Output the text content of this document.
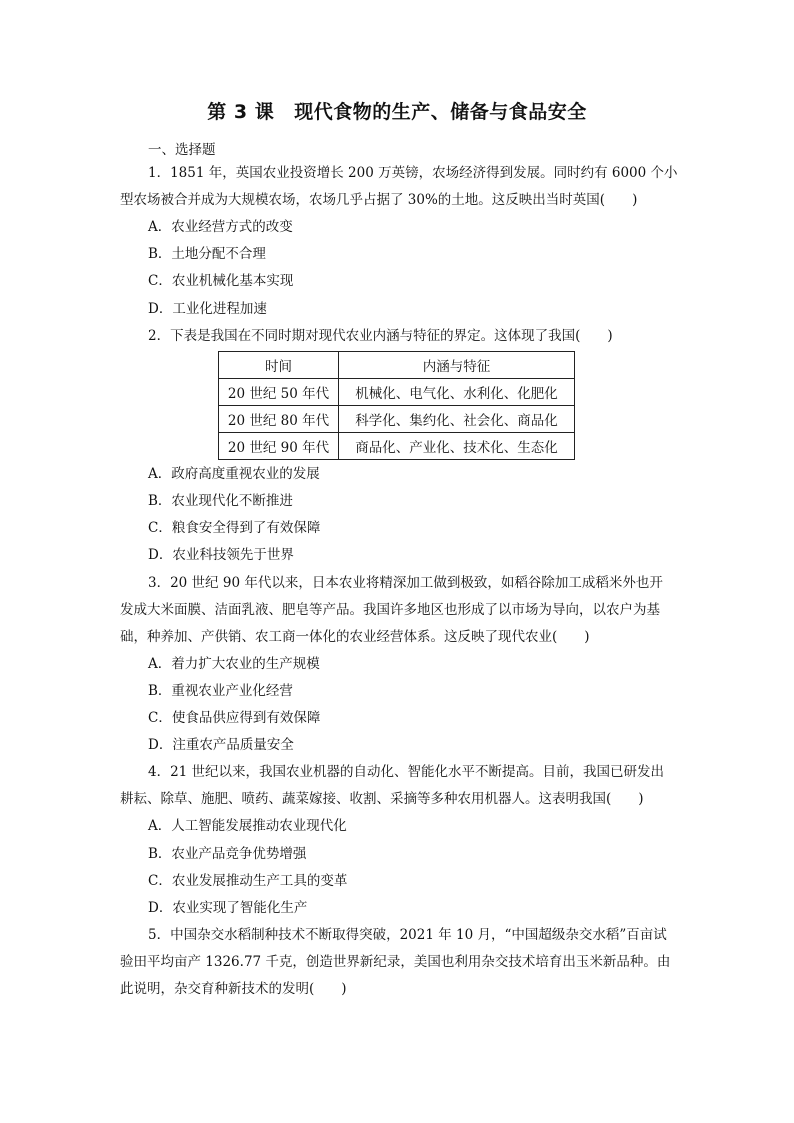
第 3 课 现代食物的生产、储备与食品安全
一、选择题

1．1851 年，英国农业投资增长 200 万英镑，农场经济得到发展。同时约有 6000 个小

型农场被合并成为大规模农场，农场几乎占据了 30%的土地。这反映出当时英国(　　)

A．农业经营方式的改变

B．土地分配不合理

C．农业机械化基本实现

D．工业化进程加速

2．下表是我国在不同时期对现代农业内涵与特征的界定。这体现了我国(　　)

时间	内涵与特征
20 世纪 50 年代	机械化、电气化、水利化、化肥化
20 世纪 80 年代	科学化、集约化、社会化、商品化
20 世纪 90 年代	商品化、产业化、技术化、生态化

A．政府高度重视农业的发展

B．农业现代化不断推进

C．粮食安全得到了有效保障

D．农业科技领先于世界

3．20 世纪 90 年代以来，日本农业将精深加工做到极致，如稻谷除加工成稻米外也开

发成大米面膜、洁面乳液、肥皂等产品。我国许多地区也形成了以市场为导向，以农户为基

础，种养加、产供销、农工商一体化的农业经营体系。这反映了现代农业(　　)

A．着力扩大农业的生产规模

B．重视农业产业化经营

C．使食品供应得到有效保障

D．注重农产品质量安全

4．21 世纪以来，我国农业机器的自动化、智能化水平不断提高。目前，我国已研发出

耕耘、除草、施肥、喷药、蔬菜嫁接、收割、采摘等多种农用机器人。这表明我国(　　)

A．人工智能发展推动农业现代化

B．农业产品竞争优势增强

C．农业发展推动生产工具的变革

D．农业实现了智能化生产

5．中国杂交水稻制种技术不断取得突破，2021 年 10 月，“中国超级杂交水稻”百亩试

验田平均亩产 1326.77 千克，创造世界新纪录，美国也利用杂交技术培育出玉米新品种。由

此说明，杂交育种新技术的发明(　　)
